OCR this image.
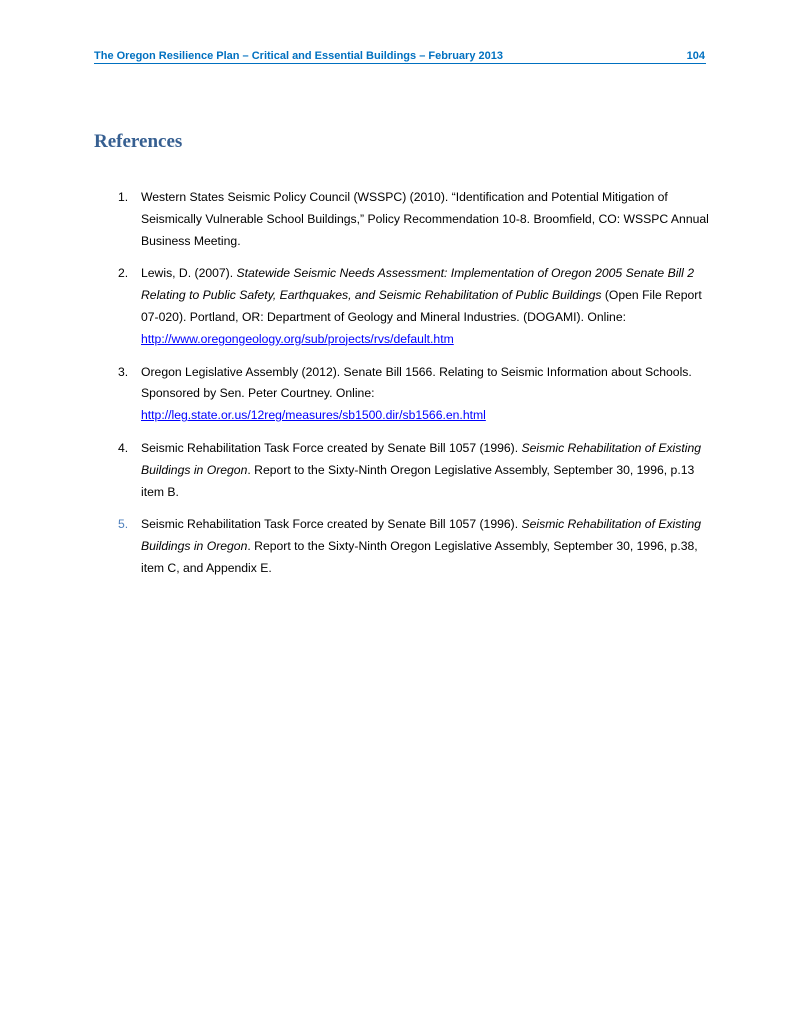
The Oregon Resilience Plan – Critical and Essential Buildings – February 2013	104
References
1. Western States Seismic Policy Council (WSSPC) (2010). “Identification and Potential Mitigation of Seismically Vulnerable School Buildings,” Policy Recommendation 10-8. Broomfield, CO: WSSPC Annual Business Meeting.
2. Lewis, D. (2007). Statewide Seismic Needs Assessment: Implementation of Oregon 2005 Senate Bill 2 Relating to Public Safety, Earthquakes, and Seismic Rehabilitation of Public Buildings (Open File Report 07-020). Portland, OR: Department of Geology and Mineral Industries. (DOGAMI). Online: http://www.oregongeology.org/sub/projects/rvs/default.htm
3. Oregon Legislative Assembly (2012). Senate Bill 1566. Relating to Seismic Information about Schools. Sponsored by Sen. Peter Courtney. Online: http://leg.state.or.us/12reg/measures/sb1500.dir/sb1566.en.html
4. Seismic Rehabilitation Task Force created by Senate Bill 1057 (1996). Seismic Rehabilitation of Existing Buildings in Oregon. Report to the Sixty-Ninth Oregon Legislative Assembly, September 30, 1996, p.13 item B.
5. Seismic Rehabilitation Task Force created by Senate Bill 1057 (1996). Seismic Rehabilitation of Existing Buildings in Oregon. Report to the Sixty-Ninth Oregon Legislative Assembly, September 30, 1996, p.38, item C, and Appendix E.
